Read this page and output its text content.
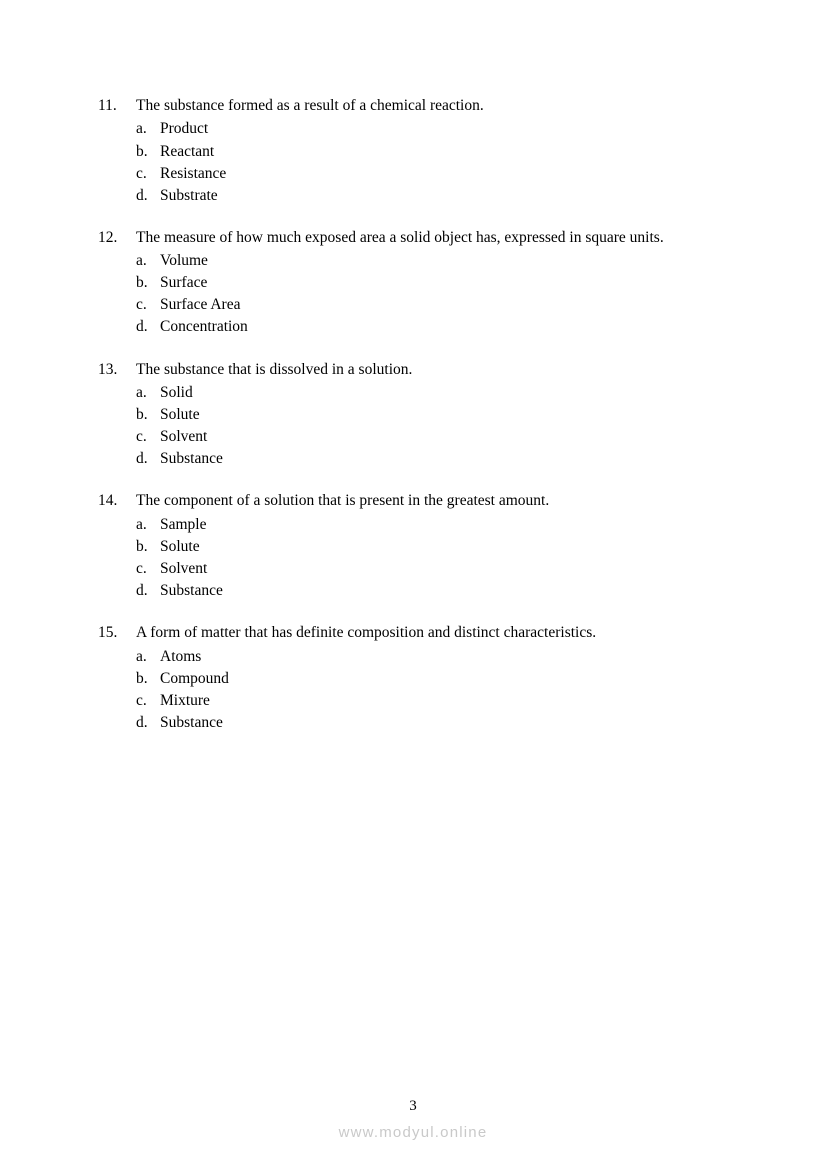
11.	The substance formed as a result of a chemical reaction.
a. Product
b. Reactant
c. Resistance
d. Substrate
12.	The measure of how much exposed area a solid object has, expressed in square units.
a. Volume
b. Surface
c. Surface Area
d. Concentration
13.	The substance that is dissolved in a solution.
a. Solid
b. Solute
c. Solvent
d. Substance
14.	The component of a solution that is present in the greatest amount.
a. Sample
b. Solute
c. Solvent
d. Substance
15.	A form of matter that has definite composition and distinct characteristics.
a. Atoms
b. Compound
c. Mixture
d. Substance
3
www.modyul.online
